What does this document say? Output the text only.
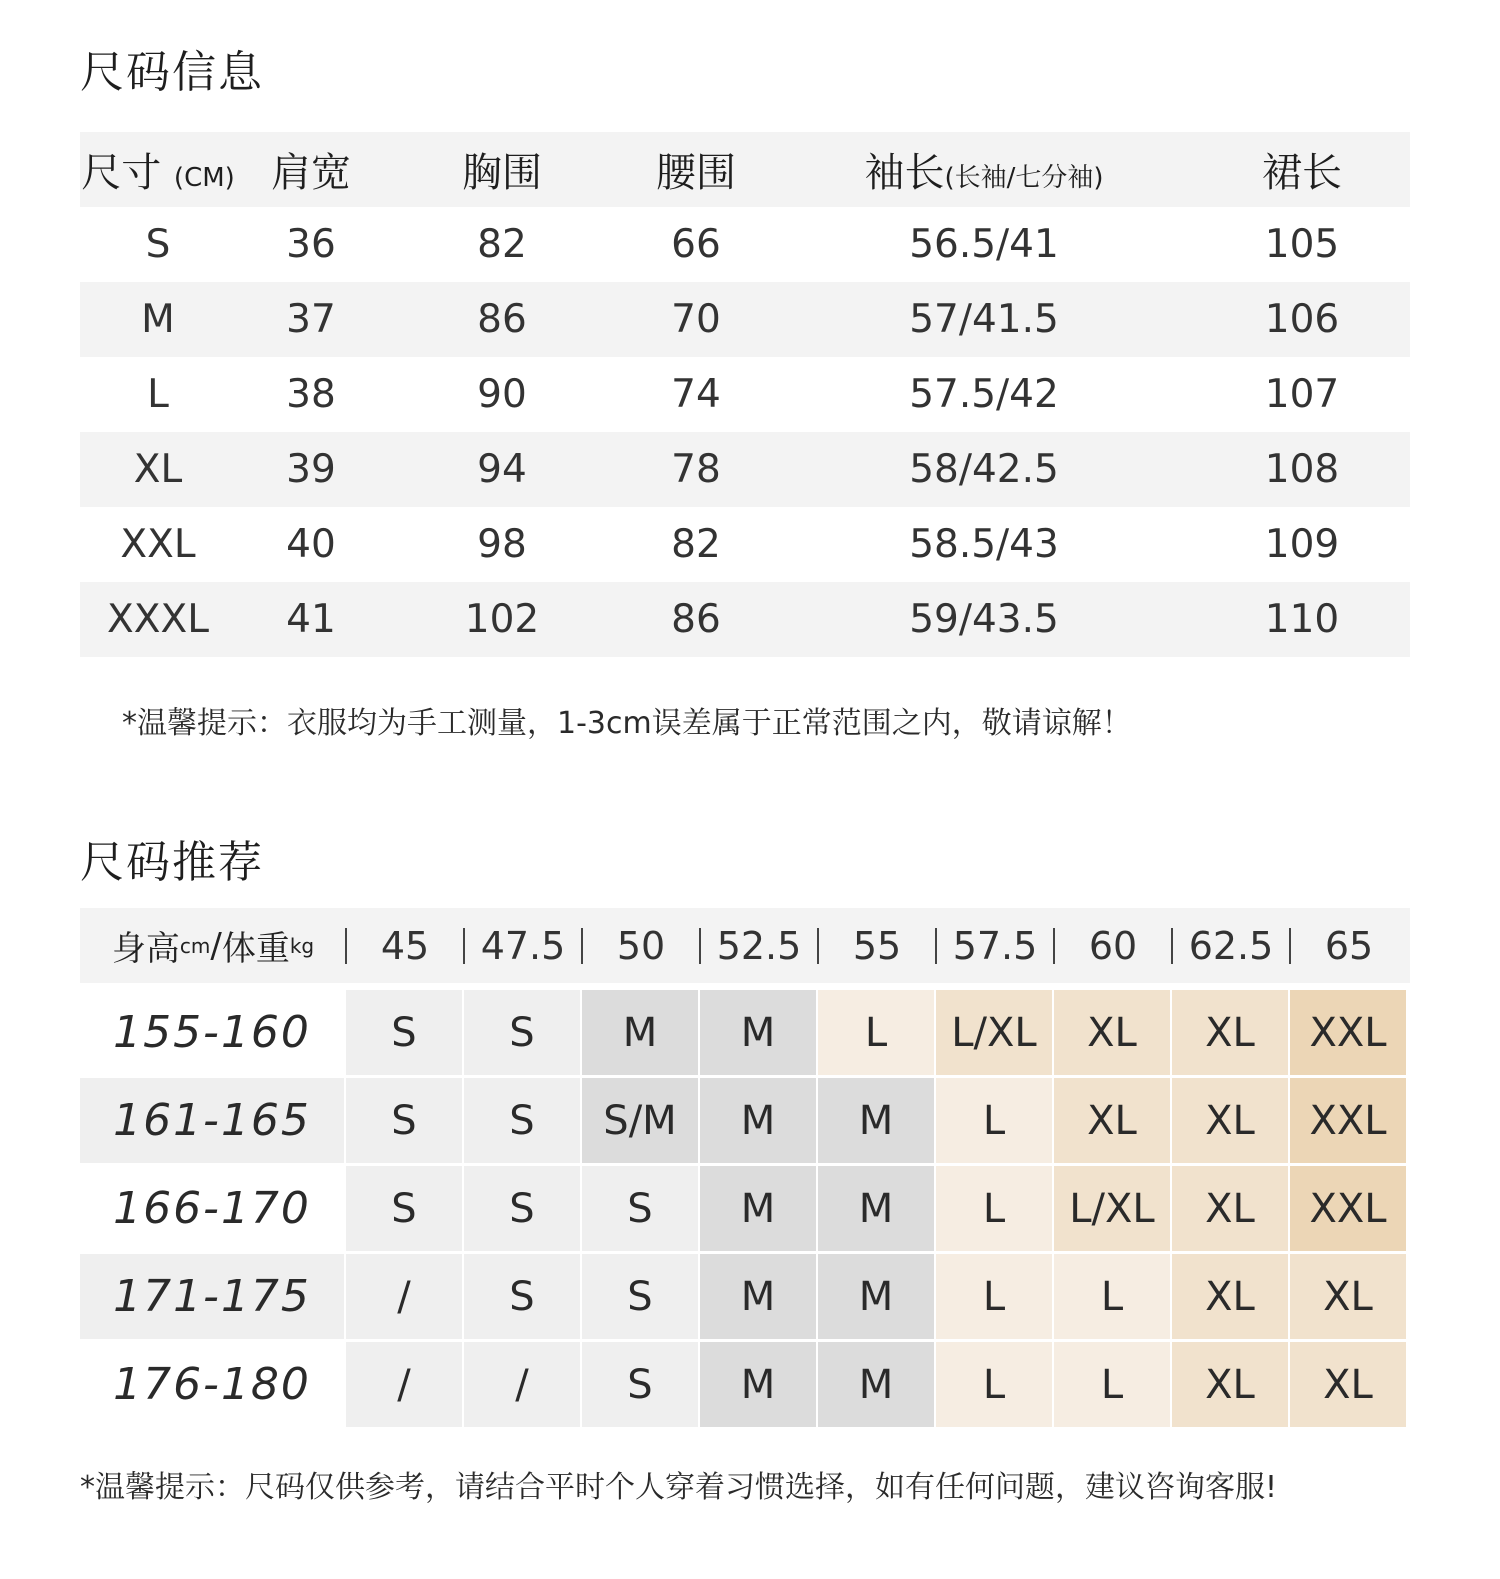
尺码信息
尺寸 (CM)	肩宽	胸围	腰围	袖长(长袖/七分袖)	裙长
S	36	82	66	56.5/41	105
M	37	86	70	57/41.5	106
L	38	90	74	57.5/42	107
XL	39	94	78	58/42.5	108
XXL	40	98	82	58.5/43	109
XXXL	41	102	86	59/43.5	110
*温馨提示：衣服均为手工测量，1-3cm误差属于正常范围之内，敬请谅解！
尺码推荐
身高 cm / 体重 kg	45	47.5	50	52.5	55	57.5	60	62.5	65
155-160	S	S	M	M	L	L/XL	XL	XL	XXL
161-165	S	S	S/M	M	M	L	XL	XL	XXL
166-170	S	S	S	M	M	L	L/XL	XL	XXL
171-175	/	S	S	M	M	L	L	XL	XL
176-180	/	/	S	M	M	L	L	XL	XL
*温馨提示：尺码仅供参考，请结合平时个人穿着习惯选择，如有任何问题，建议咨询客服!
